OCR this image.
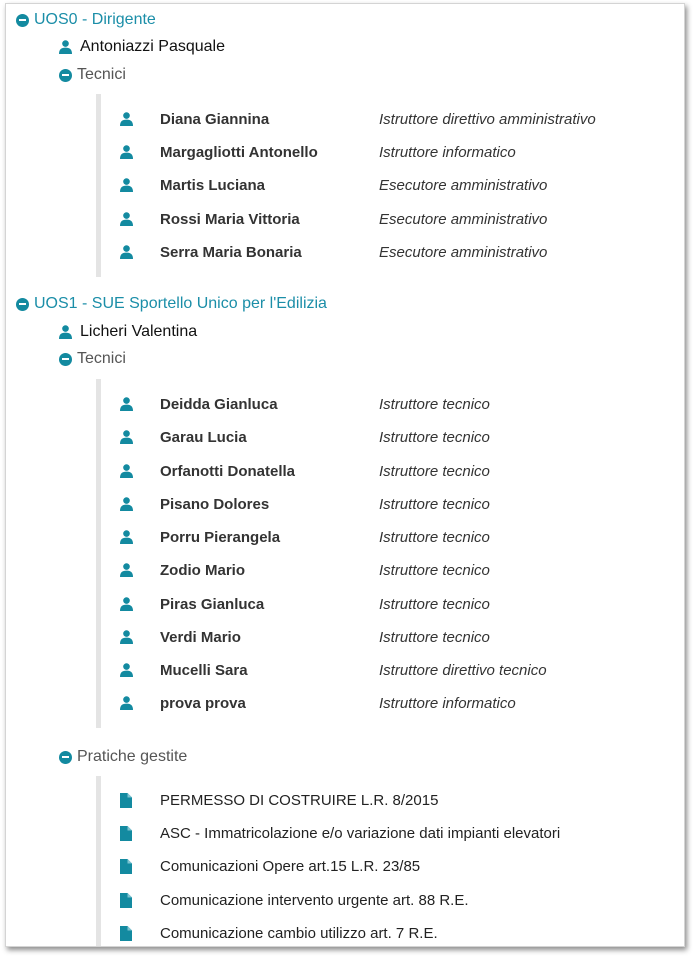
UOS0 - Dirigente
Antoniazzi Pasquale
Tecnici
Diana Giannina	Istruttore direttivo amministrativo
Margagliotti Antonello	Istruttore informatico
Martis Luciana	Esecutore amministrativo
Rossi Maria Vittoria	Esecutore amministrativo
Serra Maria Bonaria	Esecutore amministrativo
UOS1 - SUE Sportello Unico per l'Edilizia
Licheri Valentina
Tecnici
Deidda Gianluca	Istruttore tecnico
Garau Lucia	Istruttore tecnico
Orfanotti Donatella	Istruttore tecnico
Pisano Dolores	Istruttore tecnico
Porru Pierangela	Istruttore tecnico
Zodio Mario	Istruttore tecnico
Piras Gianluca	Istruttore tecnico
Verdi Mario	Istruttore tecnico
Mucelli Sara	Istruttore direttivo tecnico
prova prova	Istruttore informatico
Pratiche gestite
PERMESSO DI COSTRUIRE L.R. 8/2015
ASC - Immatricolazione e/o variazione dati impianti elevatori
Comunicazioni Opere art.15 L.R. 23/85
Comunicazione intervento urgente art. 88 R.E.
Comunicazione cambio utilizzo art. 7 R.E.
